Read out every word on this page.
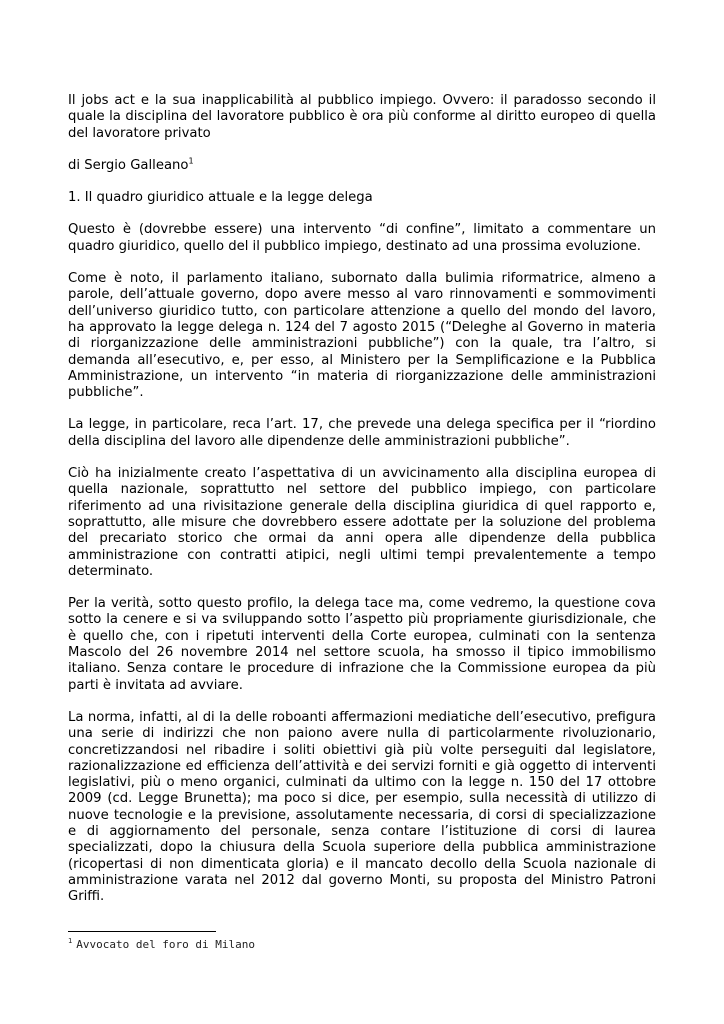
Il jobs act e la sua inapplicabilità al pubblico impiego. Ovvero: il paradosso secondo il quale la disciplina del lavoratore pubblico è ora più conforme al diritto europeo di quella del lavoratore privato

di Sergio Galleano$^1$

1. Il quadro giuridico attuale e la legge delega

Questo è (dovrebbe essere) una intervento “di confine”, limitato a commentare un quadro giuridico, quello del il pubblico impiego, destinato ad una prossima evoluzione.

Come è noto, il parlamento italiano, subornato dalla bulimia riformatrice, almeno a parole, dell’attuale governo, dopo avere messo al varo rinnovamenti e sommovimenti dell’universo giuridico tutto, con particolare attenzione a quello del mondo del lavoro, ha approvato la legge delega n. 124 del 7 agosto 2015 (“Deleghe al Governo in materia di riorganizzazione delle amministrazioni pubbliche”) con la quale, tra l’altro, si demanda all’esecutivo, e, per esso, al Ministero per la Semplificazione e la Pubblica Amministrazione, un intervento “in materia di riorganizzazione delle amministrazioni pubbliche”.

La legge, in particolare, reca l’art. 17, che prevede una delega specifica per il “riordino della disciplina del lavoro alle dipendenze delle amministrazioni pubbliche”.

Ciò ha inizialmente creato l’aspettativa di un avvicinamento alla disciplina europea di quella nazionale, soprattutto nel settore del pubblico impiego, con particolare riferimento ad una rivisitazione generale della disciplina giuridica di quel rapporto e, soprattutto, alle misure che dovrebbero essere adottate per la soluzione del problema del precariato storico che ormai da anni opera alle dipendenze della pubblica amministrazione con contratti atipici, negli ultimi tempi prevalentemente a tempo determinato.

Per la verità, sotto questo profilo, la delega tace ma, come vedremo, la questione cova sotto la cenere e si va sviluppando sotto l’aspetto più propriamente giurisdizionale, che è quello che, con i ripetuti interventi della Corte europea, culminati con la sentenza Mascolo del 26 novembre 2014 nel settore scuola, ha smosso il tipico immobilismo italiano. Senza contare le procedure di infrazione che la Commissione europea da più parti è invitata ad avviare.

La norma, infatti, al di la delle roboanti affermazioni mediatiche dell’esecutivo, prefigura una serie di indirizzi che non paiono avere nulla di particolarmente rivoluzionario, concretizzandosi nel ribadire i soliti obiettivi già più volte perseguiti dal legislatore, razionalizzazione ed efficienza dell’attività e dei servizi forniti e già oggetto di interventi legislativi, più o meno organici, culminati da ultimo con la legge n. 150 del 17 ottobre 2009 (cd. Legge Brunetta); ma poco si dice, per esempio, sulla necessità di utilizzo di nuove tecnologie e la previsione, assolutamente necessaria, di corsi di specializzazione e di aggiornamento del personale, senza contare l’istituzione di corsi di laurea specializzati, dopo la chiusura della Scuola superiore della pubblica amministrazione (ricopertasi di non dimenticata gloria) e il mancato decollo della Scuola nazionale di amministrazione varata nel 2012 dal governo Monti, su proposta del Ministro Patroni Griffi.

$^1$ Avvocato del foro di Milano
